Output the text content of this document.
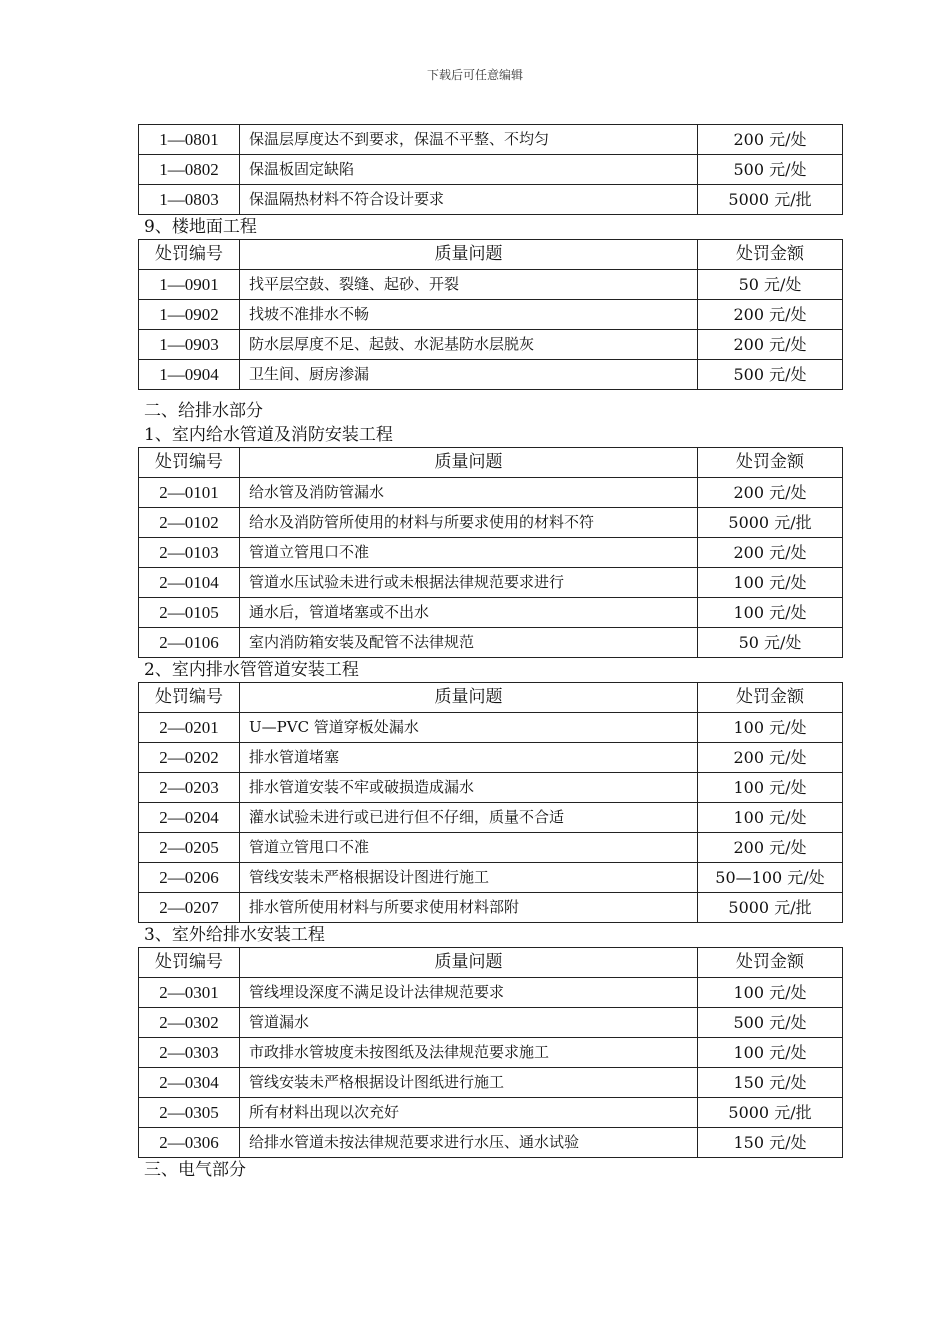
下载后可任意编辑
1—0801	保温层厚度达不到要求，保温不平整、不均匀	200 元/处
1—0802	保温板固定缺陷	500 元/处
1—0803	保温隔热材料不符合设计要求	5000 元/批
9、楼地面工程
处罚编号	质量问题	处罚金额
1—0901	找平层空鼓、裂缝、起砂、开裂	50 元/处
1—0902	找坡不准排水不畅	200 元/处
1—0903	防水层厚度不足、起鼓、水泥基防水层脱灰	200 元/处
1—0904	卫生间、厨房渗漏	500 元/处
二、给排水部分
1、室内给水管道及消防安装工程
处罚编号	质量问题	处罚金额
2—0101	给水管及消防管漏水	200 元/处
2—0102	给水及消防管所使用的材料与所要求使用的材料不符	5000 元/批
2—0103	管道立管甩口不准	200 元/处
2—0104	管道水压试验未进行或未根据法律规范要求进行	100 元/处
2—0105	通水后，管道堵塞或不出水	100 元/处
2—0106	室内消防箱安装及配管不法律规范	50 元/处
2、室内排水管管道安装工程
处罚编号	质量问题	处罚金额
2—0201	U—PVC 管道穿板处漏水	100 元/处
2—0202	排水管道堵塞	200 元/处
2—0203	排水管道安装不牢或破损造成漏水	100 元/处
2—0204	灌水试验未进行或已进行但不仔细，质量不合适	100 元/处
2—0205	管道立管甩口不准	200 元/处
2—0206	管线安装未严格根据设计图进行施工	50—100 元/处
2—0207	排水管所使用材料与所要求使用材料部附	5000 元/批
3、室外给排水安装工程
处罚编号	质量问题	处罚金额
2—0301	管线埋设深度不满足设计法律规范要求	100 元/处
2—0302	管道漏水	500 元/处
2—0303	市政排水管坡度未按图纸及法律规范要求施工	100 元/处
2—0304	管线安装未严格根据设计图纸进行施工	150 元/处
2—0305	所有材料出现以次充好	5000 元/批
2—0306	给排水管道未按法律规范要求进行水压、通水试验	150 元/处
三、电气部分
